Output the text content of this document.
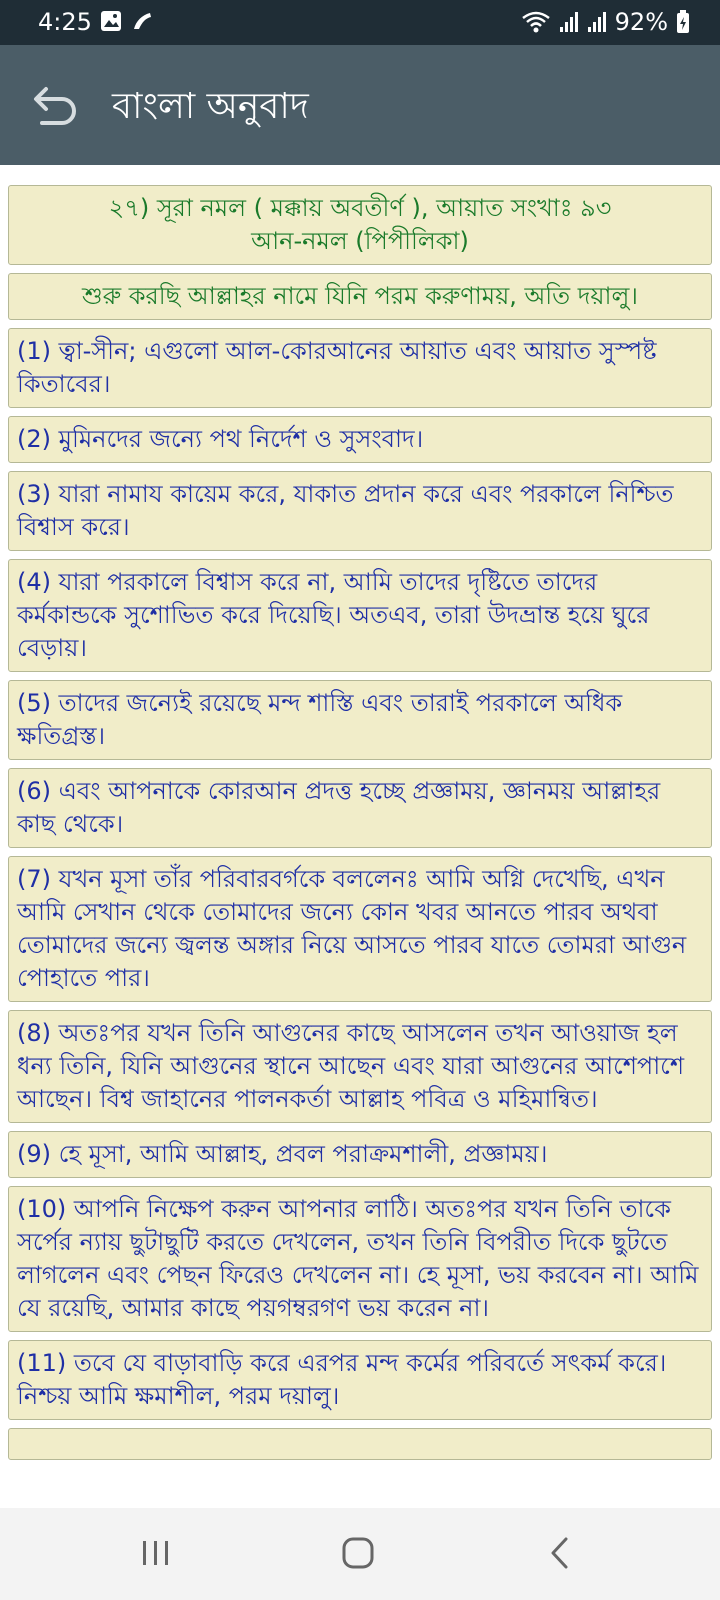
4:25	92%
বাংলা অনুবাদ
২৭) সূরা নমল ( মক্কায় অবতীর্ণ ), আয়াত সংখাঃ ৯৩
আন-নমল (পিপীলিকা)
শুরু করছি আল্লাহর নামে যিনি পরম করুণাময়, অতি দয়ালু।
(1) ত্বা-সীন; এগুলো আল-কোরআনের আয়াত এবং আয়াত সুস্পষ্ট কিতাবের।
(2) মুমিনদের জন্যে পথ নির্দেশ ও সুসংবাদ।
(3) যারা নামায কায়েম করে, যাকাত প্রদান করে এবং পরকালে নিশ্চিত বিশ্বাস করে।
(4) যারা পরকালে বিশ্বাস করে না, আমি তাদের দৃষ্টিতে তাদের কর্মকান্ডকে সুশোভিত করে দিয়েছি। অতএব, তারা উদভ্রান্ত হয়ে ঘুরে বেড়ায়।
(5) তাদের জন্যেই রয়েছে মন্দ শাস্তি এবং তারাই পরকালে অধিক ক্ষতিগ্রস্ত।
(6) এবং আপনাকে কোরআন প্রদত্ত হচ্ছে প্রজ্ঞাময়, জ্ঞানময় আল্লাহর কাছ থেকে।
(7) যখন মূসা তাঁর পরিবারবর্গকে বললেনঃ আমি অগ্নি দেখেছি, এখন আমি সেখান থেকে তোমাদের জন্যে কোন খবর আনতে পারব অথবা তোমাদের জন্যে জ্বলন্ত অঙ্গার নিয়ে আসতে পারব যাতে তোমরা আগুন পোহাতে পার।
(8) অতঃপর যখন তিনি আগুনের কাছে আসলেন তখন আওয়াজ হল ধন্য তিনি, যিনি আগুনের স্থানে আছেন এবং যারা আগুনের আশেপাশে আছেন। বিশ্ব জাহানের পালনকর্তা আল্লাহ পবিত্র ও মহিমান্বিত।
(9) হে মূসা, আমি আল্লাহ, প্রবল পরাক্রমশালী, প্রজ্ঞাময়।
(10) আপনি নিক্ষেপ করুন আপনার লাঠি। অতঃপর যখন তিনি তাকে সর্পের ন্যায় ছুটাছুটি করতে দেখলেন, তখন তিনি বিপরীত দিকে ছুটতে লাগলেন এবং পেছন ফিরেও দেখলেন না। হে মূসা, ভয় করবেন না। আমি যে রয়েছি, আমার কাছে পয়গম্বরগণ ভয় করেন না।
(11) তবে যে বাড়াবাড়ি করে এরপর মন্দ কর্মের পরিবর্তে সৎকর্ম করে। নিশ্চয় আমি ক্ষমাশীল, পরম দয়ালু।
